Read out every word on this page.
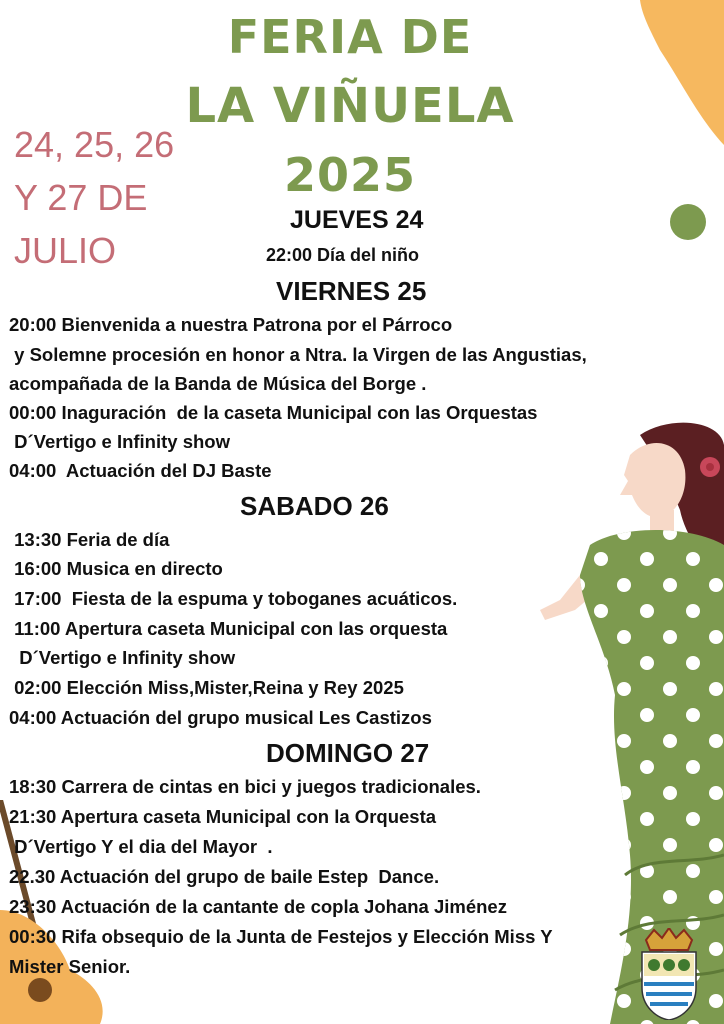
FERIA DE
LA VIÑUELA
2025
24, 25, 26
Y 27 DE
JULIO
JUEVES 24
22:00 Día del niño
VIERNES 25
20:00 Bienvenida a nuestra Patrona por el Párroco
y Solemne procesión en honor a Ntra. la Virgen de las Angustias,
acompañada de la Banda de Música del Borge .
00:00 Inaguración  de la caseta Municipal con las Orquestas
D´Vertigo e Infinity show
04:00  Actuación del DJ Baste
SABADO 26
13:30 Feria de día
16:00 Musica en directo
17:00  Fiesta de la espuma y toboganes acuáticos.
11:00 Apertura caseta Municipal con las orquesta
D´Vertigo e Infinity show
02:00 Elección Miss,Mister,Reina y Rey 2025
04:00 Actuación del grupo musical Les Castizos
DOMINGO 27
18:30 Carrera de cintas en bici y juegos tradicionales.
21:30 Apertura caseta Municipal con la Orquesta
D´Vertigo Y el dia del Mayor  .
22.30 Actuación del grupo de baile Estep  Dance.
23:30 Actuación de la cantante de copla Johana Jiménez
00:30 Rifa obsequio de la Junta de Festejos y Elección Miss Y
Mister Senior.
